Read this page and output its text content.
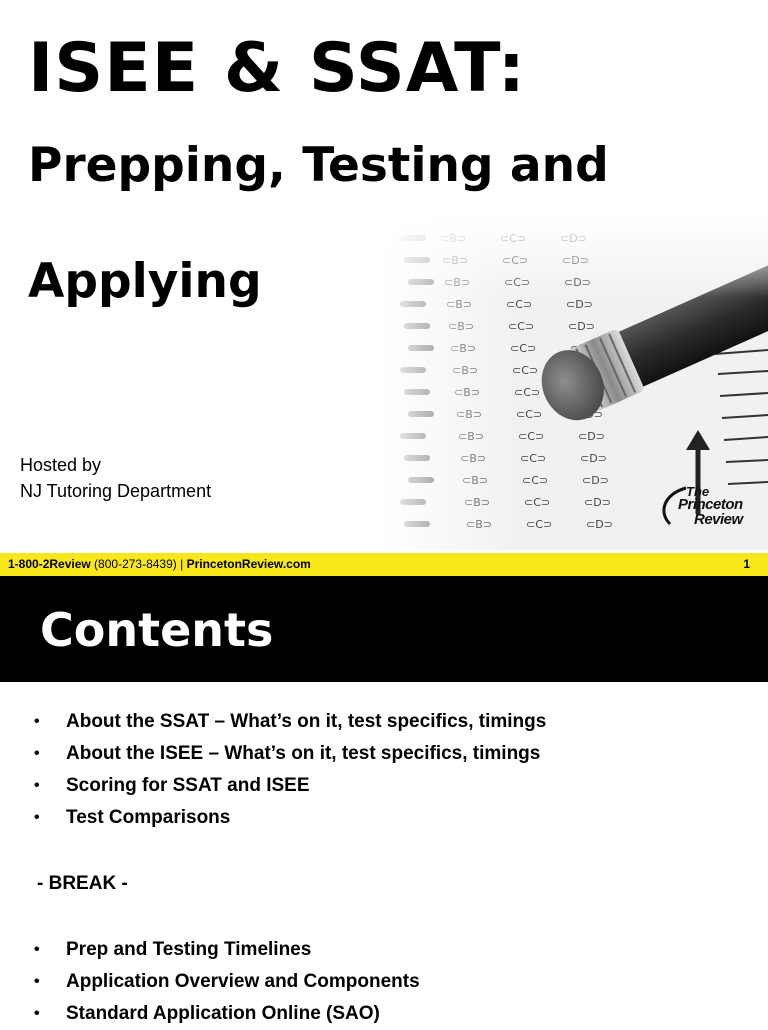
ISEE & SSAT:
Prepping, Testing and Applying
The
Princeton
Review
Hosted by
NJ Tutoring Department
1-800-2Review (800-273-8439) | PrincetonReview.com	1
Contents
• About the SSAT – What’s on it, test specifics, timings
• About the ISEE – What’s on it, test specifics, timings
• Scoring for SSAT and ISEE
• Test Comparisons
- BREAK -
• Prep and Testing Timelines
• Application Overview and Components
• Standard Application Online (SAO)
